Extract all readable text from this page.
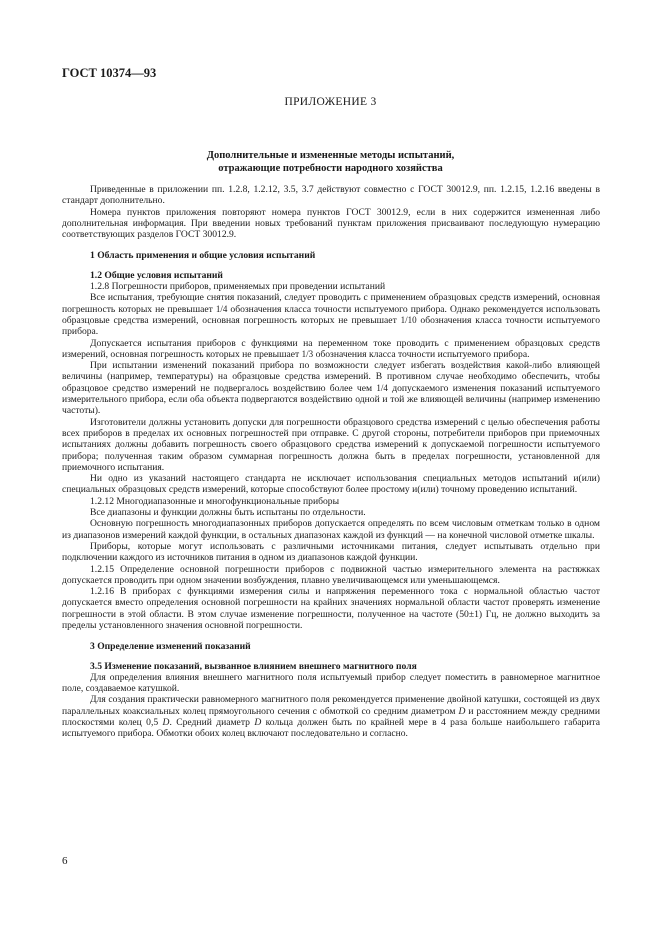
ГОСТ 10374—93
ПРИЛОЖЕНИЕ 3
Дополнительные и измененные методы испытаний,
отражающие потребности народного хозяйства

Приведенные в приложении пп. 1.2.8, 1.2.12, 3.5, 3.7 действуют совместно с ГОСТ 30012.9, пп. 1.2.15, 1.2.16 введены в стандарт дополнительно.

Номера пунктов приложения повторяют номера пунктов ГОСТ 30012.9, если в них содержится измененная либо дополнительная информация. При введении новых требований пунктам приложения присваивают последующую нумерацию соответствующих разделов ГОСТ 30012.9.

1 Область применения и общие условия испытаний
1.2 Общие условия испытаний

1.2.8 Погрешности приборов, применяемых при проведении испытаний

Все испытания, требующие снятия показаний, следует проводить с применением образцовых средств измерений, основная погрешность которых не превышает 1/4 обозначения класса точности испытуемого прибора. Однако рекомендуется использовать образцовые средства измерений, основная погрешность которых не превышает 1/10 обозначения класса точности испытуемого прибора.

Допускается испытания приборов с функциями на переменном токе проводить с применением образцовых средств измерений, основная погрешность которых не превышает 1/3 обозначения класса точности испытуемого прибора.

При испытании изменений показаний прибора по возможности следует избегать воздействия какой-либо влияющей величины (например, температуры) на образцовые средства измерений. В противном случае необходимо обеспечить, чтобы образцовое средство измерений не подвергалось воздействию более чем 1/4 допускаемого изменения показаний испытуемого измерительного прибора, если оба объекта подвергаются воздействию одной и той же влияющей величины (например изменению частоты).

Изготовители должны установить допуски для погрешности образцового средства измерений с целью обеспечения работы всех приборов в пределах их основных погрешностей при отправке. С другой стороны, потребители приборов при приемочных испытаниях должны добавить погрешность своего образцового средства измерений к допускаемой погрешности испытуемого прибора; полученная таким образом суммарная погрешность должна быть в пределах погрешности, установленной для приемочного испытания.

Ни одно из указаний настоящего стандарта не исключает использования специальных методов испытаний и(или) специальных образцовых средств измерений, которые способствуют более простому и(или) точному проведению испытаний.

1.2.12 Многодиапазонные и многофункциональные приборы

Все диапазоны и функции должны быть испытаны по отдельности.

Основную погрешность многодиапазонных приборов допускается определять по всем числовым отметкам только в одном из диапазонов измерений каждой функции, в остальных диапазонах каждой из функций — на конечной числовой отметке шкалы.

Приборы, которые могут использовать с различными источниками питания, следует испытывать отдельно при подключении каждого из источников питания в одном из диапазонов каждой функции.

1.2.15 Определение основной погрешности приборов с подвижной частью измерительного элемента на растяжках допускается проводить при одном значении возбуждения, плавно увеличивающемся или уменьшающемся.

1.2.16 В приборах с функциями измерения силы и напряжения переменного тока с нормальной областью частот допускается вместо определения основной погрешности на крайних значениях нормальной области частот проверять изменение погрешности в этой области. В этом случае изменение погрешности, полученное на частоте (50±1) Гц, не должно выходить за пределы установленного значения основной погрешности.

3 Определение изменений показаний
3.5 Изменение показаний, вызванное влиянием внешнего магнитного поля

Для определения влияния внешнего магнитного поля испытуемый прибор следует поместить в равномерное магнитное поле, создаваемое катушкой.

Для создания практически равномерного магнитного поля рекомендуется применение двойной катушки, состоящей из двух параллельных коаксиальных колец прямоугольного сечения с обмоткой со средним диаметром D и расстоянием между средними плоскостями колец 0,5 D. Средний диаметр D кольца должен быть по крайней мере в 4 раза больше наибольшего габарита испытуемого прибора. Обмотки обоих колец включают последовательно и согласно.

6
